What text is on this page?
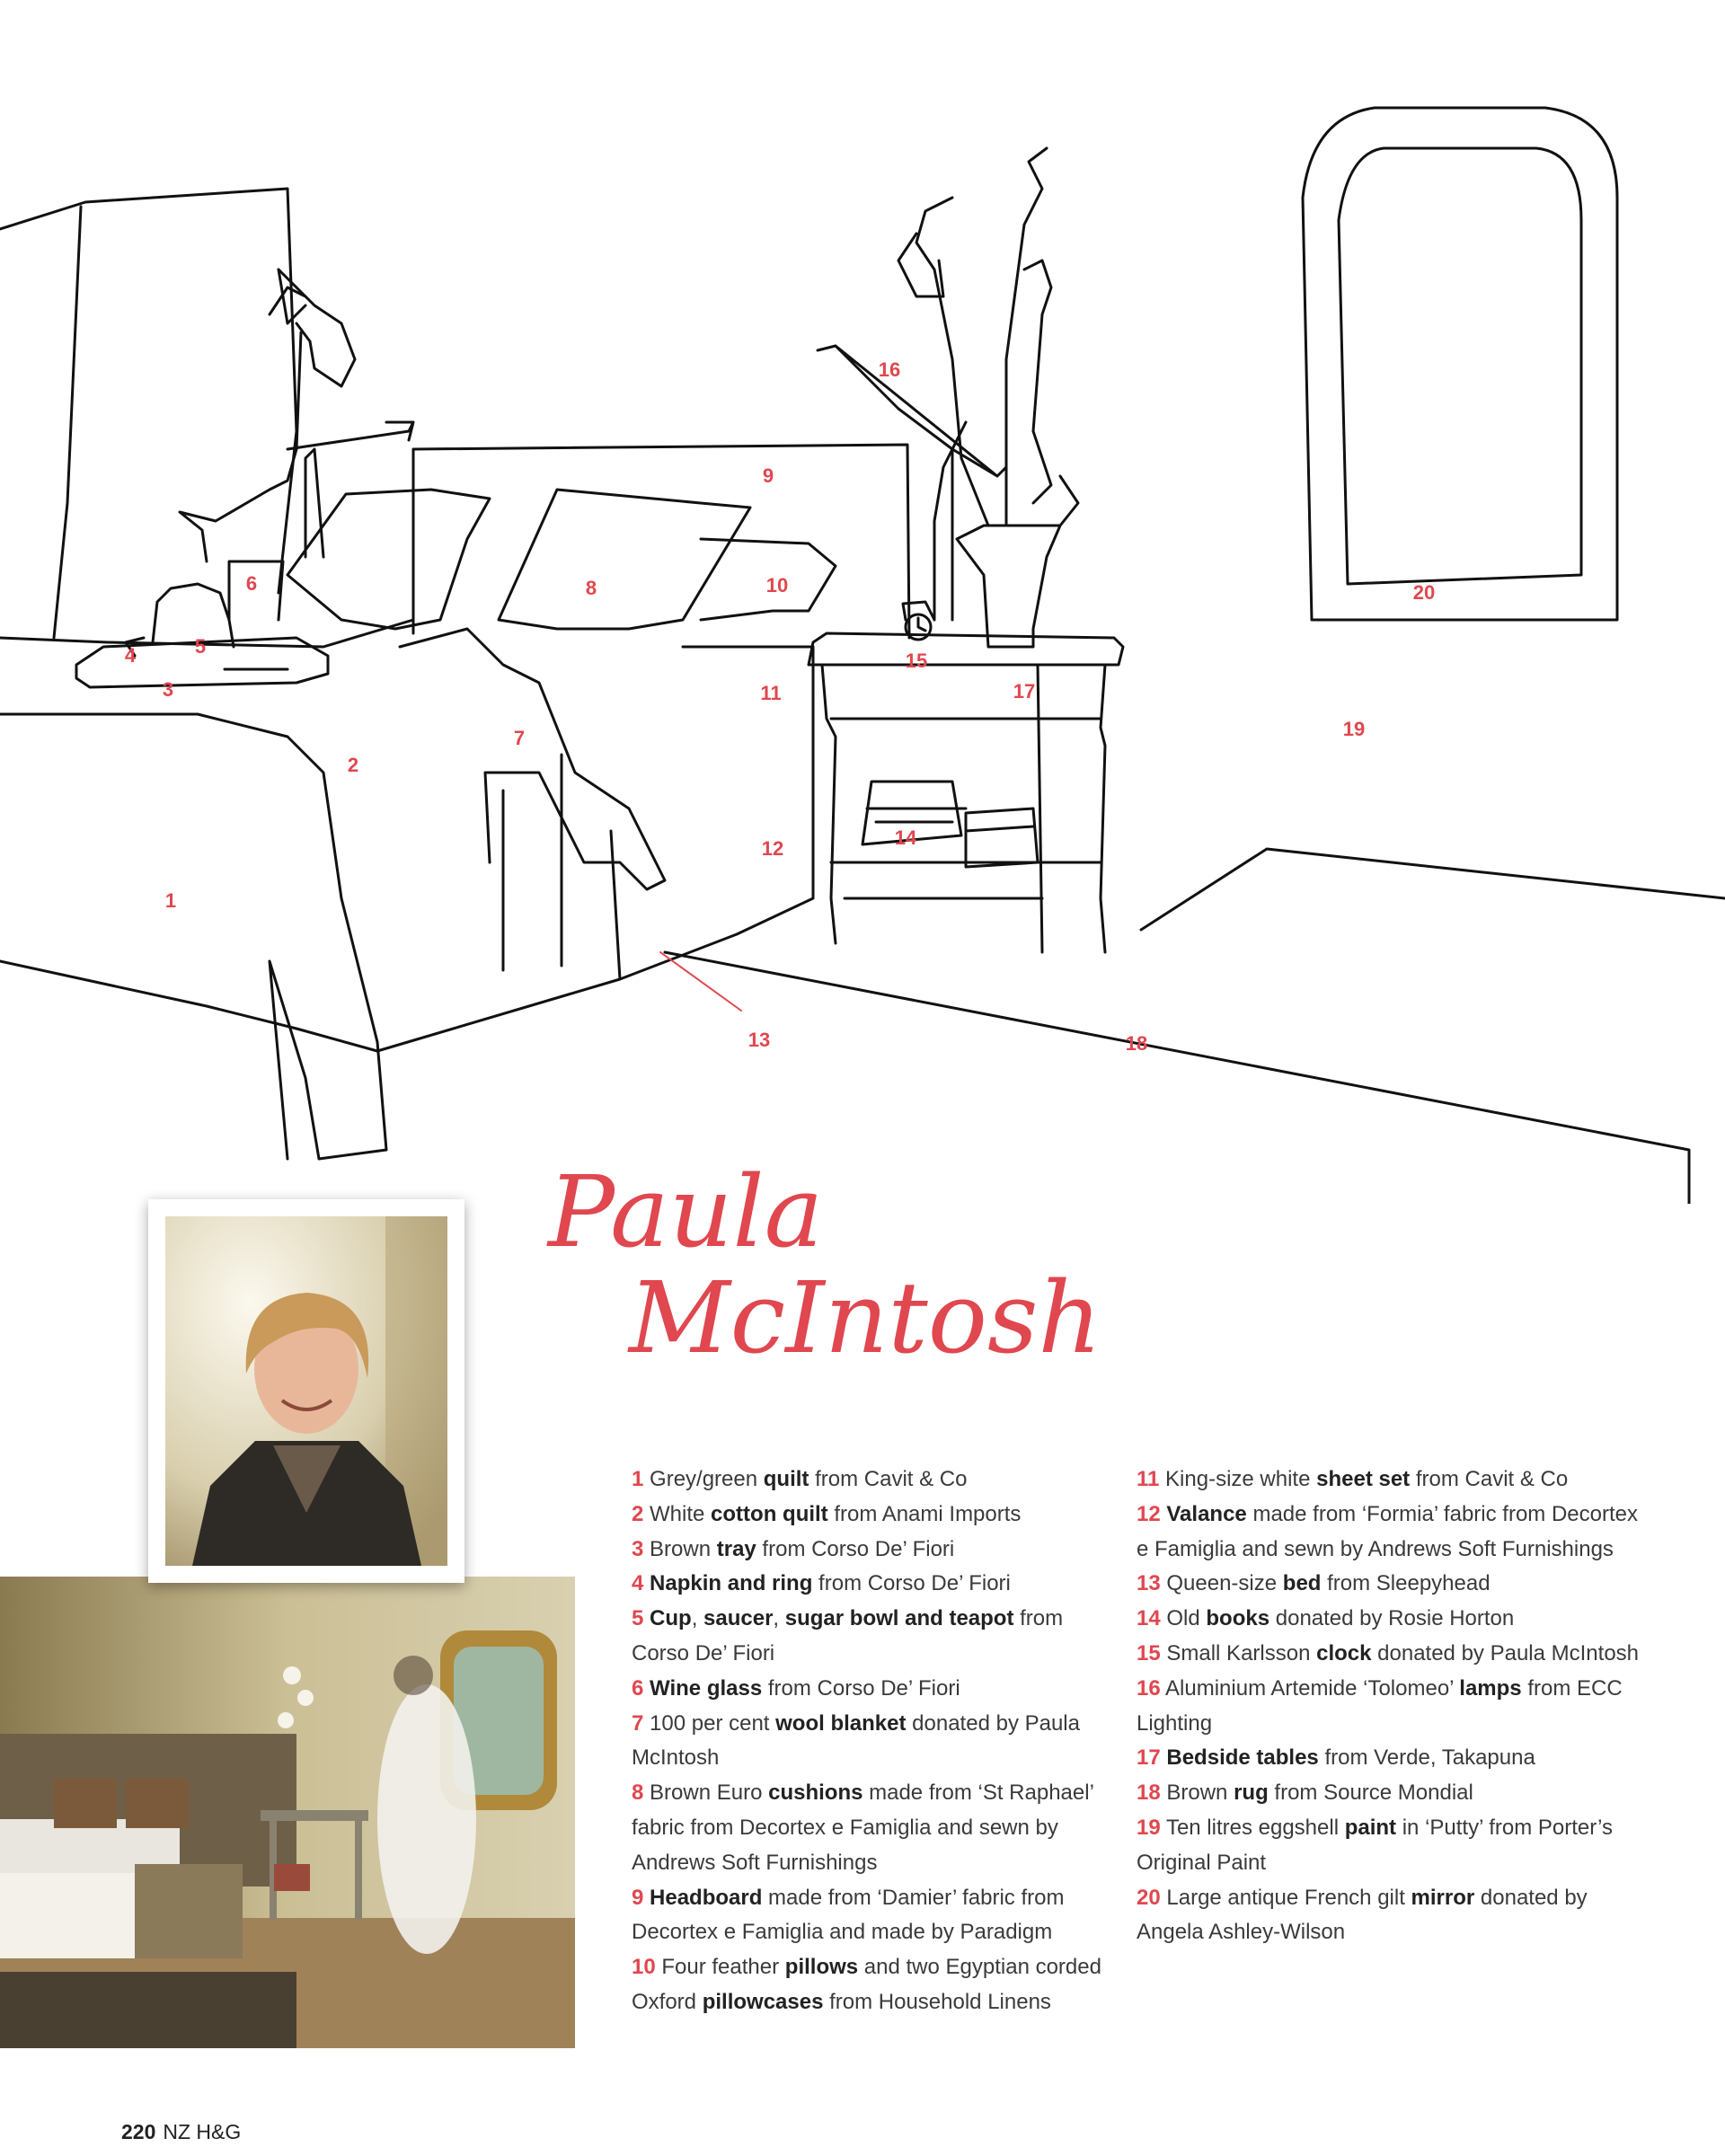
1
2
3
4	5
6
7
8
9
10
11
12
13
14
15
16
17
18
19
20
Paula
McIntosh
1 Grey/green quilt from Cavit & Co
2 White cotton quilt from Anami Imports
3 Brown tray from Corso De’ Fiori
4 Napkin and ring from Corso De’ Fiori
5 Cup, saucer, sugar bowl and teapot from Corso De’ Fiori
6 Wine glass from Corso De’ Fiori
7 100 per cent wool blanket donated by Paula McIntosh
8 Brown Euro cushions made from ‘St Raphael’ fabric from Decortex e Famiglia and sewn by Andrews Soft Furnishings
9 Headboard made from ‘Damier’ fabric from Decortex e Famiglia and made by Paradigm
10 Four feather pillows and two Egyptian corded Oxford pillowcases from Household Linens
11 King-size white sheet set from Cavit & Co
12 Valance made from ‘Formia’ fabric from Decortex e Famiglia and sewn by Andrews Soft Furnishings
13 Queen-size bed from Sleepyhead
14 Old books donated by Rosie Horton
15 Small Karlsson clock donated by Paula McIntosh
16 Aluminium Artemide ‘Tolomeo’ lamps from ECC Lighting
17 Bedside tables from Verde, Takapuna
18 Brown rug from Source Mondial
19 Ten litres eggshell paint in ‘Putty’ from Porter’s Original Paint
20 Large antique French gilt mirror donated by Angela Ashley-Wilson
220 NZ H&G
